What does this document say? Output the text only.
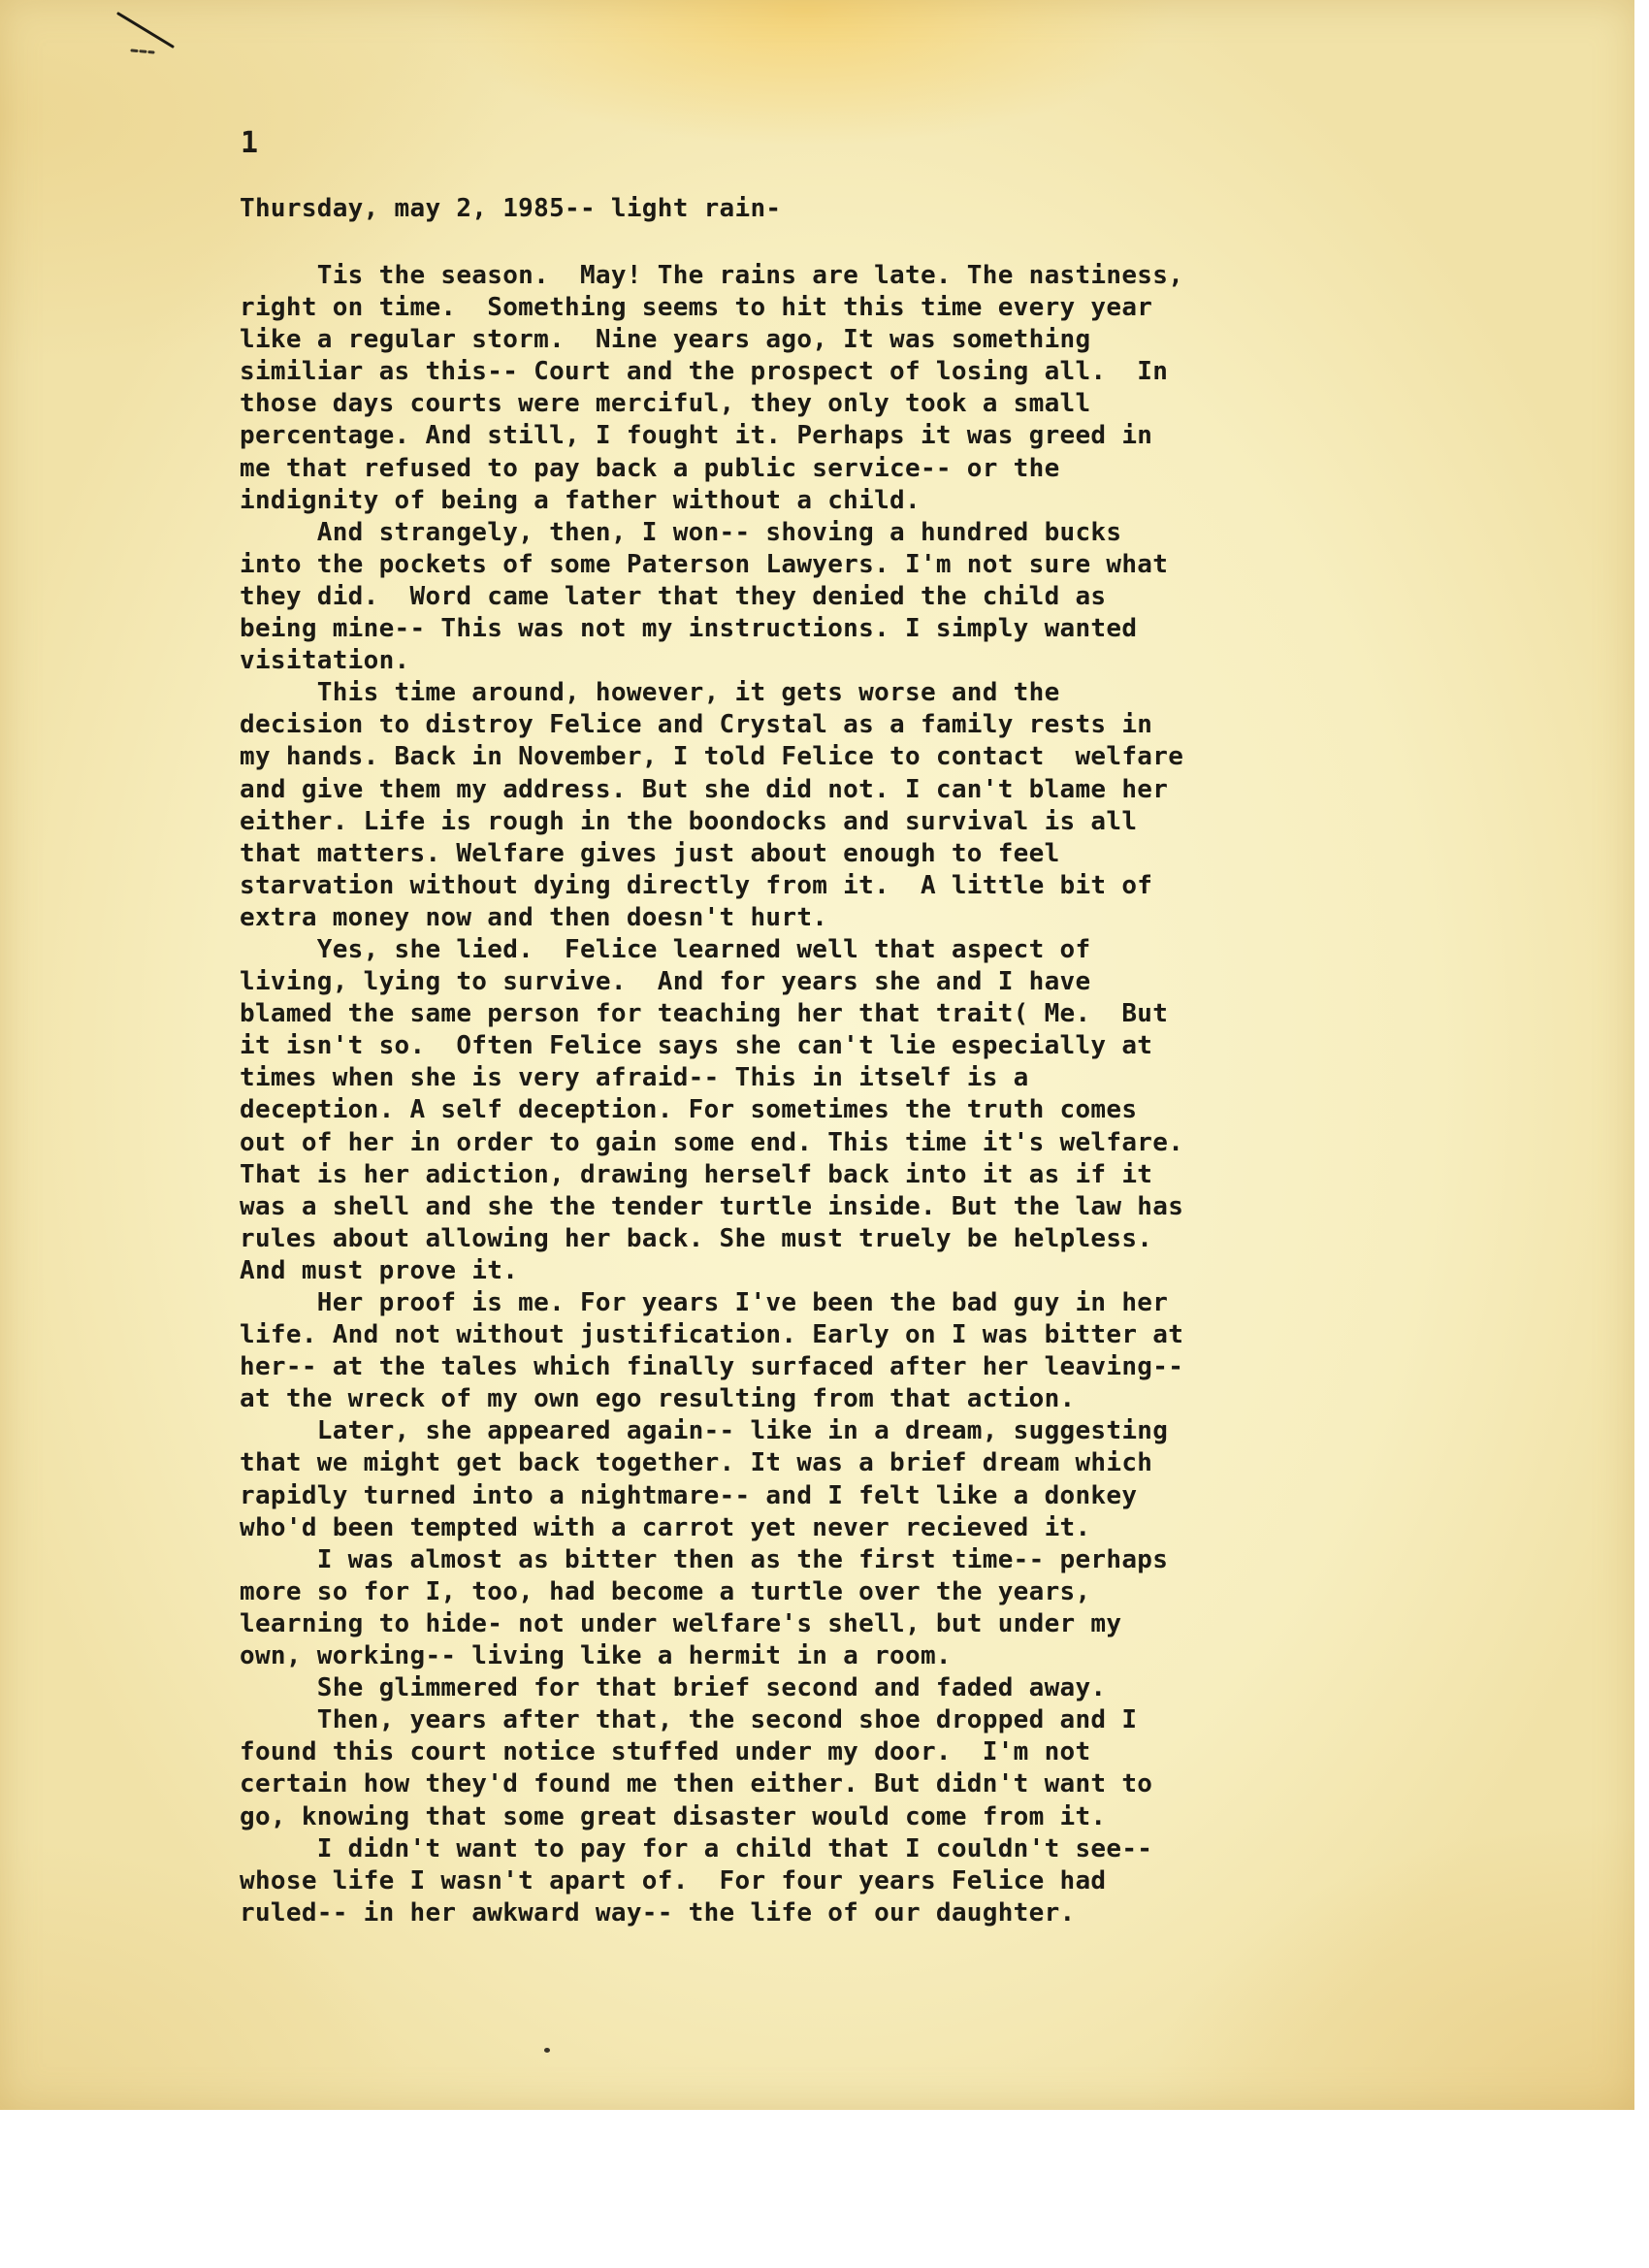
1
Thursday, may 2, 1985-- light rain-
Tis the season.  May! The rains are late. The nastiness,
right on time.  Something seems to hit this time every year
like a regular storm.  Nine years ago, It was something
similiar as this-- Court and the prospect of losing all.  In
those days courts were merciful, they only took a small
percentage. And still, I fought it. Perhaps it was greed in
me that refused to pay back a public service-- or the
indignity of being a father without a child.
And strangely, then, I won-- shoving a hundred bucks
into the pockets of some Paterson Lawyers. I'm not sure what
they did.  Word came later that they denied the child as
being mine-- This was not my instructions. I simply wanted
visitation.
This time around, however, it gets worse and the
decision to distroy Felice and Crystal as a family rests in
my hands. Back in November, I told Felice to contact  welfare
and give them my address. But she did not. I can't blame her
either. Life is rough in the boondocks and survival is all
that matters. Welfare gives just about enough to feel
starvation without dying directly from it.  A little bit of
extra money now and then doesn't hurt.
Yes, she lied.  Felice learned well that aspect of
living, lying to survive.  And for years she and I have
blamed the same person for teaching her that trait( Me.  But
it isn't so.  Often Felice says she can't lie especially at
times when she is very afraid-- This in itself is a
deception. A self deception. For sometimes the truth comes
out of her in order to gain some end. This time it's welfare.
That is her adiction, drawing herself back into it as if it
was a shell and she the tender turtle inside. But the law has
rules about allowing her back. She must truely be helpless.
And must prove it.
Her proof is me. For years I've been the bad guy in her
life. And not without justification. Early on I was bitter at
her-- at the tales which finally surfaced after her leaving--
at the wreck of my own ego resulting from that action.
Later, she appeared again-- like in a dream, suggesting
that we might get back together. It was a brief dream which
rapidly turned into a nightmare-- and I felt like a donkey
who'd been tempted with a carrot yet never recieved it.
I was almost as bitter then as the first time-- perhaps
more so for I, too, had become a turtle over the years,
learning to hide- not under welfare's shell, but under my
own, working-- living like a hermit in a room.
She glimmered for that brief second and faded away.
Then, years after that, the second shoe dropped and I
found this court notice stuffed under my door.  I'm not
certain how they'd found me then either. But didn't want to
go, knowing that some great disaster would come from it.
I didn't want to pay for a child that I couldn't see--
whose life I wasn't apart of.  For four years Felice had
ruled-- in her awkward way-- the life of our daughter.
